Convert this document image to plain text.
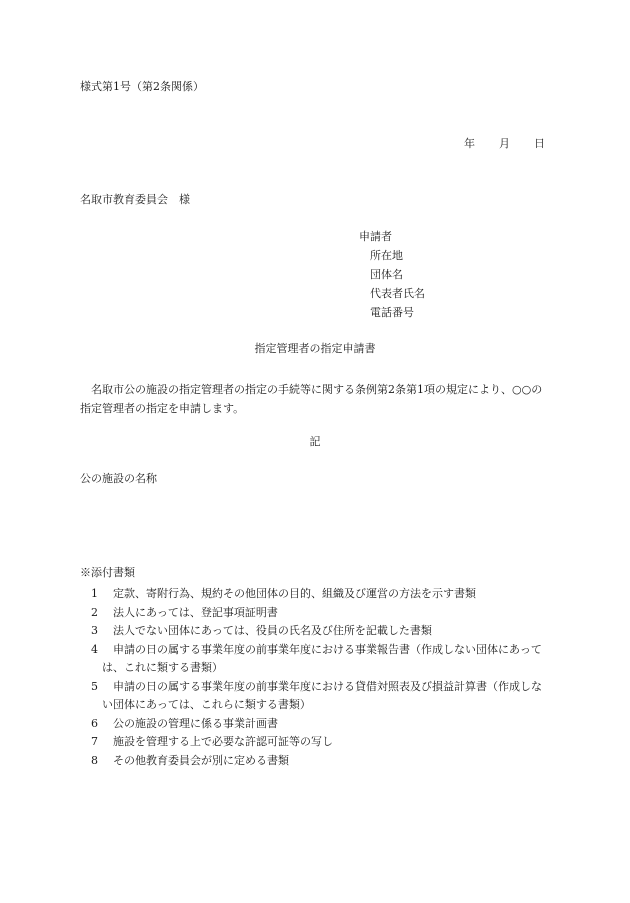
様式第1号（第2条関係）
年 月 日
名取市教育委員会　様
申請者
所在地
団体名
代表者氏名
電話番号
指定管理者の指定申請書
名取市公の施設の指定管理者の指定の手続等に関する条例第2条第1項の規定により、○○の指定管理者の指定を申請します。
記
公の施設の名称
※添付書類
1 定款、寄附行為、規約その他団体の目的、組織及び運営の方法を示す書類
2 法人にあっては、登記事項証明書
3 法人でない団体にあっては、役員の氏名及び住所を記載した書類
4 申請の日の属する事業年度の前事業年度における事業報告書（作成しない団体にあっては、これに類する書類）
5 申請の日の属する事業年度の前事業年度における貸借対照表及び損益計算書（作成しない団体にあっては、これらに類する書類）
6 公の施設の管理に係る事業計画書
7 施設を管理する上で必要な許認可証等の写し
8 その他教育委員会が別に定める書類
